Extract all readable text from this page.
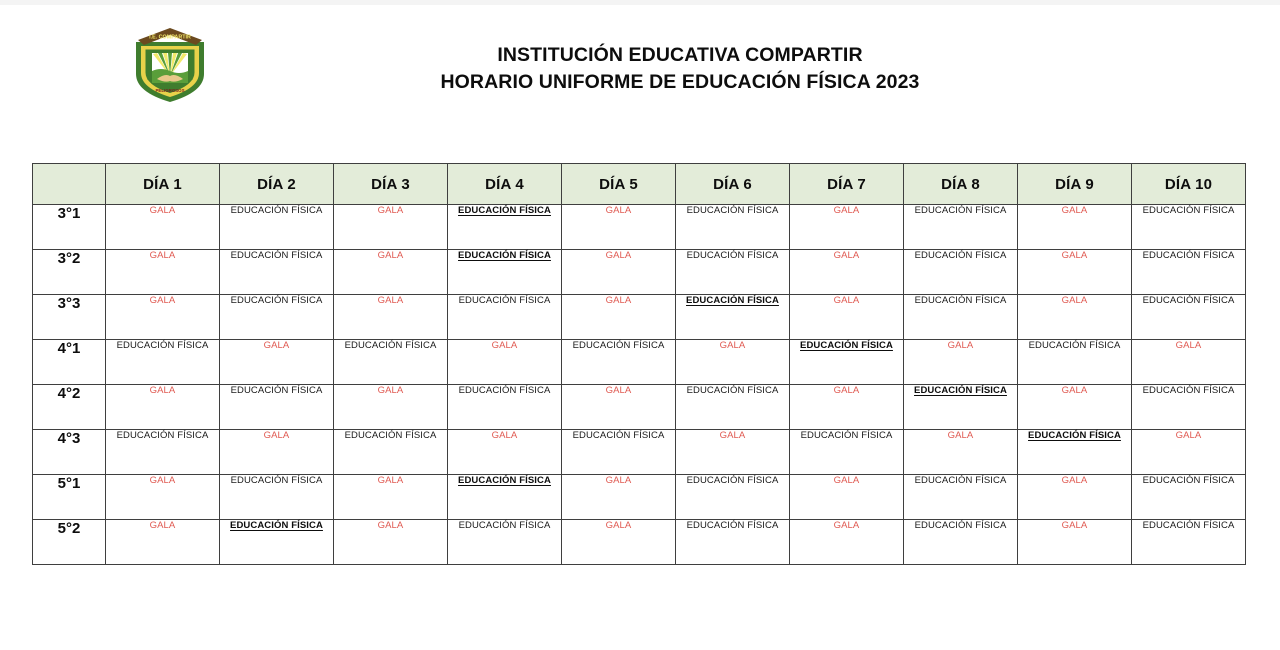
I.E. COMPARTIR
PELIGROSOS
INSTITUCIÓN EDUCATIVA COMPARTIR
HORARIO UNIFORME DE EDUCACIÓN FÍSICA 2023
	DÍA 1	DÍA 2	DÍA 3	DÍA 4	DÍA 5	DÍA 6	DÍA 7	DÍA 8	DÍA 9	DÍA 10
3°1	GALA	EDUCACIÓN FÍSICA	GALA	EDUCACIÓN FÍSICA	GALA	EDUCACIÓN FÍSICA	GALA	EDUCACIÓN FÍSICA	GALA	EDUCACIÓN FÍSICA
3°2	GALA	EDUCACIÓN FÍSICA	GALA	EDUCACIÓN FÍSICA	GALA	EDUCACIÓN FÍSICA	GALA	EDUCACIÓN FÍSICA	GALA	EDUCACIÓN FÍSICA
3°3	GALA	EDUCACIÓN FÍSICA	GALA	EDUCACIÓN FÍSICA	GALA	EDUCACIÓN FÍSICA	GALA	EDUCACIÓN FÍSICA	GALA	EDUCACIÓN FÍSICA
4°1	EDUCACIÓN FÍSICA	GALA	EDUCACIÓN FÍSICA	GALA	EDUCACIÓN FÍSICA	GALA	EDUCACIÓN FÍSICA	GALA	EDUCACIÓN FÍSICA	GALA
4°2	GALA	EDUCACIÓN FÍSICA	GALA	EDUCACIÓN FÍSICA	GALA	EDUCACIÓN FÍSICA	GALA	EDUCACIÓN FÍSICA	GALA	EDUCACIÓN FÍSICA
4°3	EDUCACIÓN FÍSICA	GALA	EDUCACIÓN FÍSICA	GALA	EDUCACIÓN FÍSICA	GALA	EDUCACIÓN FÍSICA	GALA	EDUCACIÓN FÍSICA	GALA
5°1	GALA	EDUCACIÓN FÍSICA	GALA	EDUCACIÓN FÍSICA	GALA	EDUCACIÓN FÍSICA	GALA	EDUCACIÓN FÍSICA	GALA	EDUCACIÓN FÍSICA
5°2	GALA	EDUCACIÓN FÍSICA	GALA	EDUCACIÓN FÍSICA	GALA	EDUCACIÓN FÍSICA	GALA	EDUCACIÓN FÍSICA	GALA	EDUCACIÓN FÍSICA
